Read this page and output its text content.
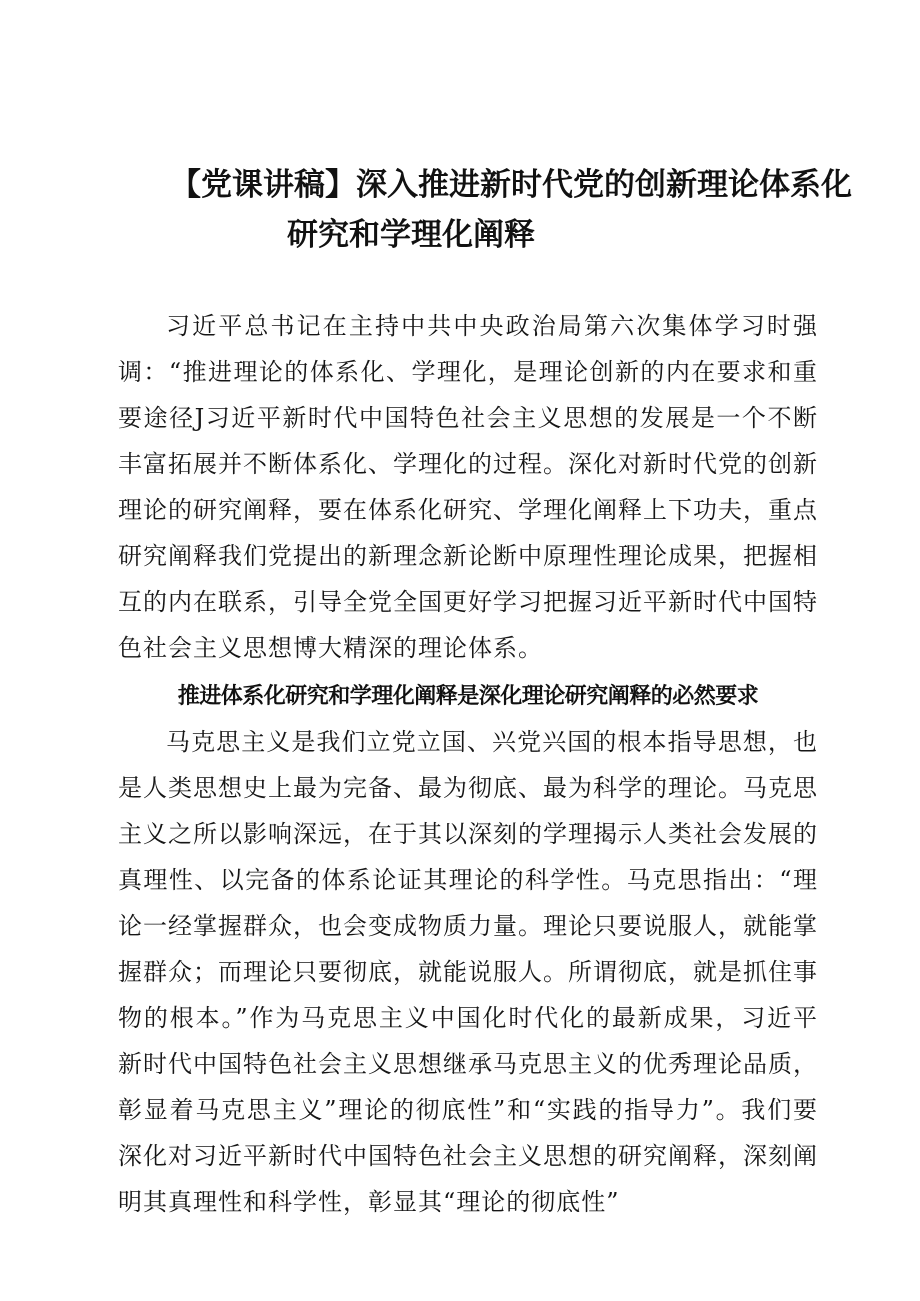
【党课讲稿】深入推进新时代党的创新理论体系化
研究和学理化阐释

习近平总书记在主持中共中央政治局第六次集体学习时强调：“推进理论的体系化、学理化，是理论创新的内在要求和重要途径J习近平新时代中国特色社会主义思想的发展是一个不断丰富拓展并不断体系化、学理化的过程。深化对新时代党的创新理论的研究阐释，要在体系化研究、学理化阐释上下功夫，重点研究阐释我们党提出的新理念新论断中原理性理论成果，把握相互的内在联系，引导全党全国更好学习把握习近平新时代中国特色社会主义思想博大精深的理论体系。

推进体系化研究和学理化阐释是深化理论研究阐释的必然要求

马克思主义是我们立党立国、兴党兴国的根本指导思想，也是人类思想史上最为完备、最为彻底、最为科学的理论。马克思主义之所以影响深远，在于其以深刻的学理揭示人类社会发展的真理性、以完备的体系论证其理论的科学性。马克思指出：“理论一经掌握群众，也会变成物质力量。理论只要说服人，就能掌握群众；而理论只要彻底，就能说服人。所谓彻底，就是抓住事物的根本。”作为马克思主义中国化时代化的最新成果，习近平新时代中国特色社会主义思想继承马克思主义的优秀理论品质，彰显着马克思主义”理论的彻底性”和“实践的指导力”。我们要深化对习近平新时代中国特色社会主义思想的研究阐释，深刻阐明其真理性和科学性，彰显其“理论的彻底性”
